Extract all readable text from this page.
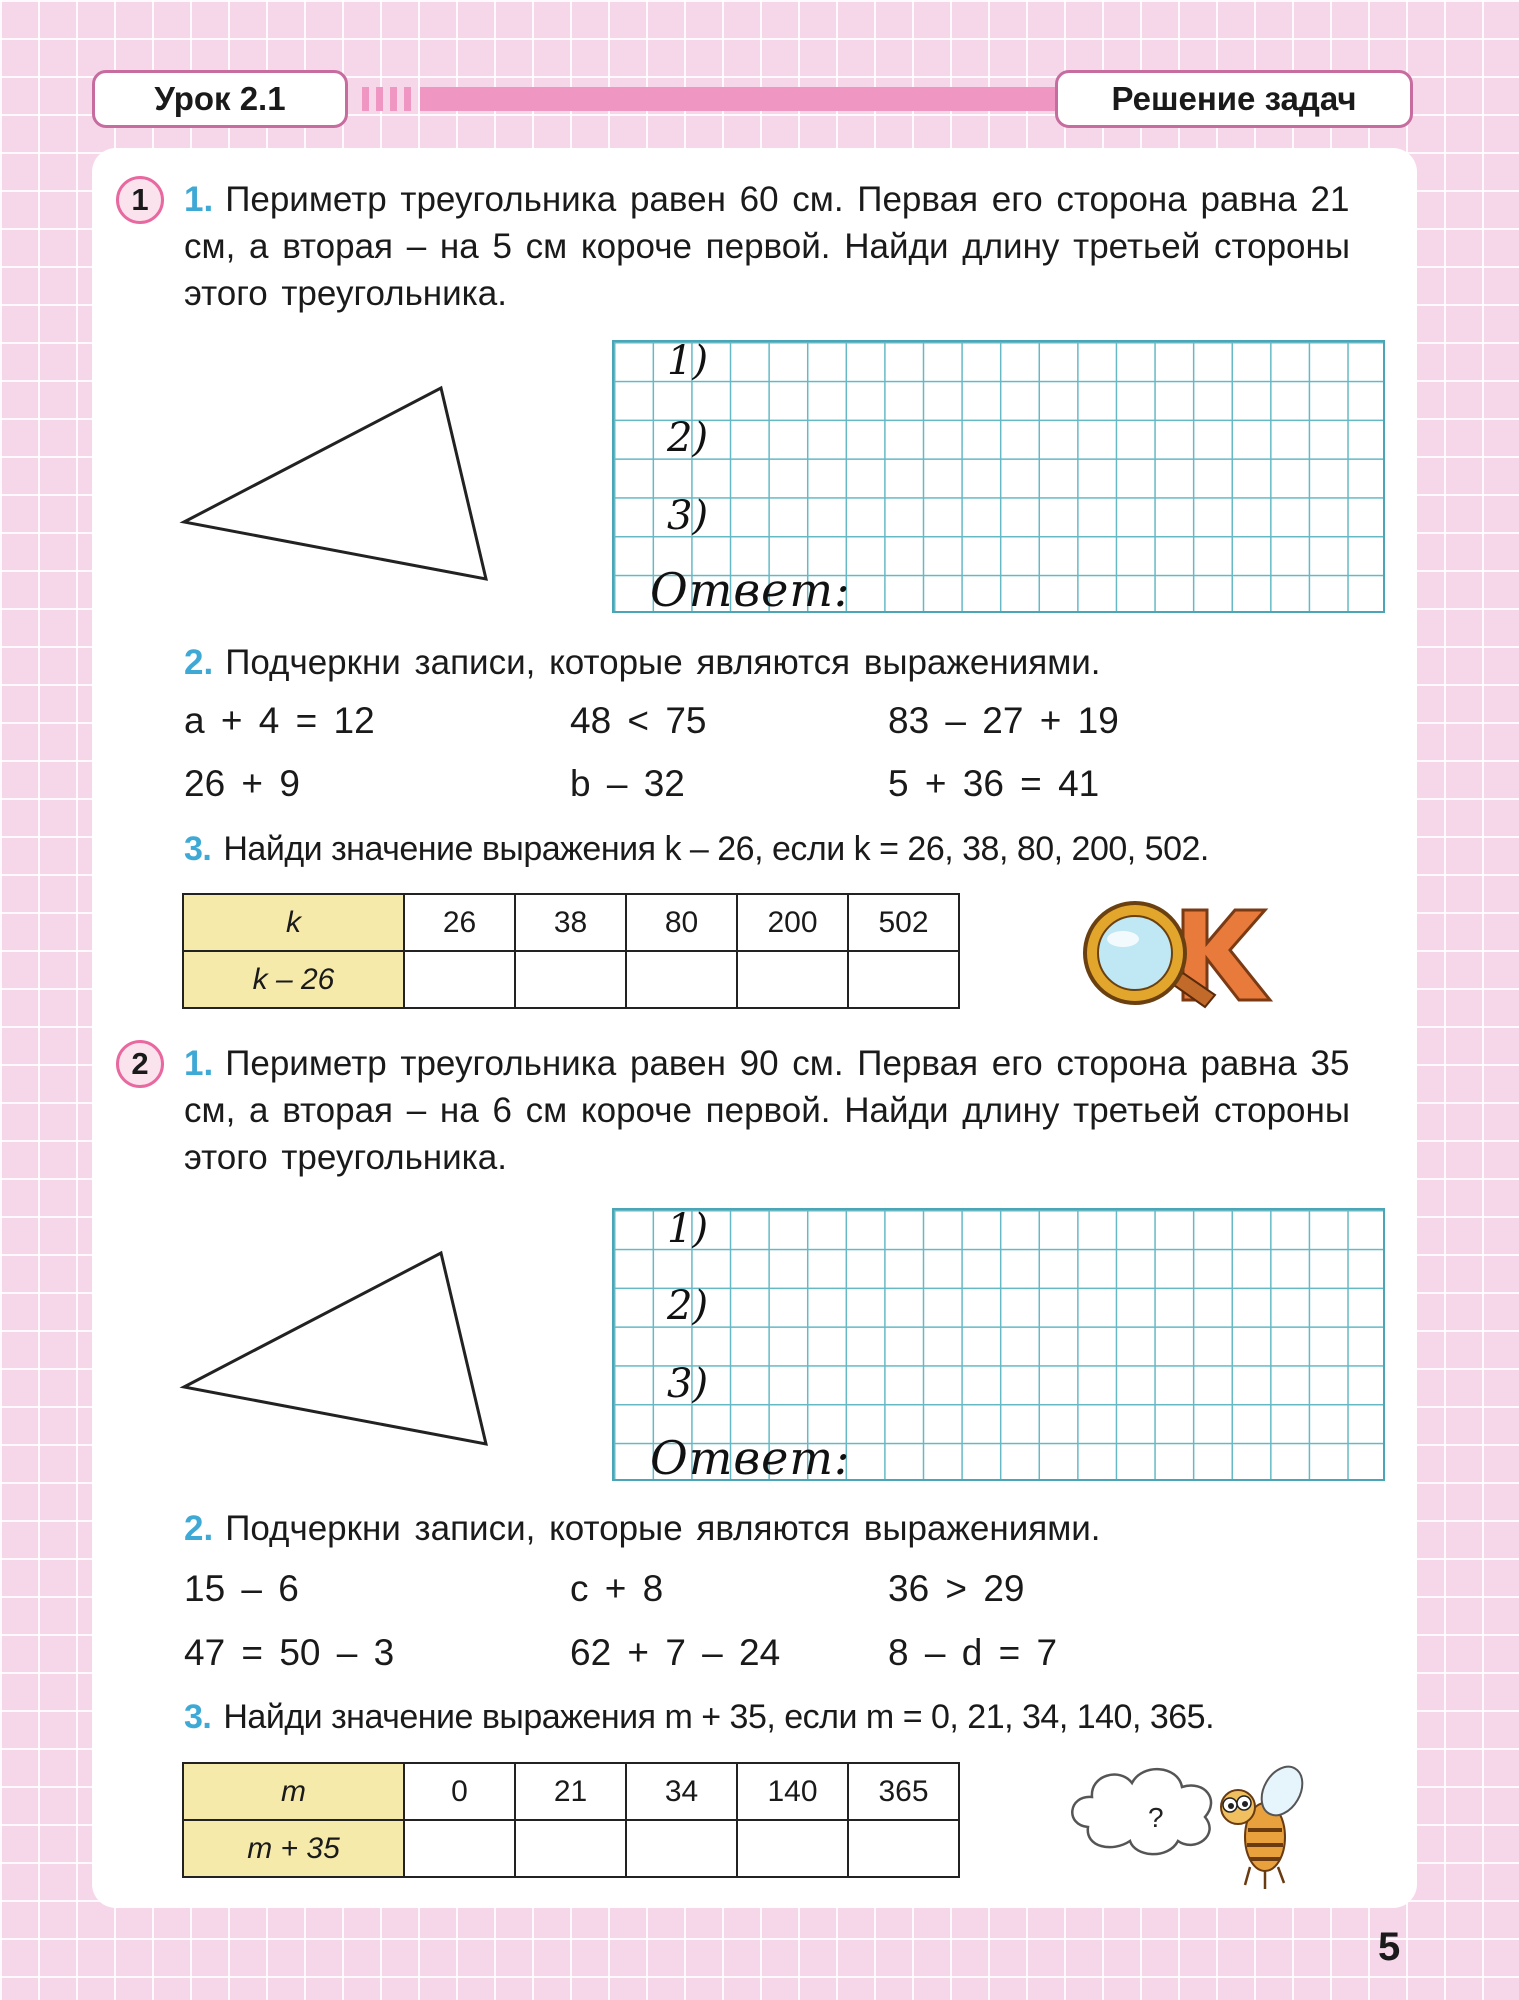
Урок 2.1	Решение задач
1	1. Периметр треугольника равен 60 см. Первая его сторона равна 21 см, а вторая – на 5 см короче первой. Найди длину третьей стороны этого треугольника.
1)
2)
3)
Ответ:
2. Подчеркни записи, которые являются выражениями.
a + 4 = 12	48 < 75	83 – 27 + 19
26 + 9	b – 32	5 + 36 = 41
3. Найди значение выражения k – 26, если k = 26, 38, 80, 200, 502.
k	26	38	80	200	502
k – 26					
2	1. Периметр треугольника равен 90 см. Первая его сторона равна 35 см, а вторая – на 6 см короче первой. Найди длину третьей стороны этого треугольника.
1)
2)
3)
Ответ:
2. Подчеркни записи, которые являются выражениями.
15 – 6	c + 8	36 > 29
47 = 50 – 3	62 + 7 – 24	8 – d = 7
3. Найди значение выражения m + 35, если m = 0, 21, 34, 140, 365.
m	0	21	34	140	365
m + 35					
?
5
